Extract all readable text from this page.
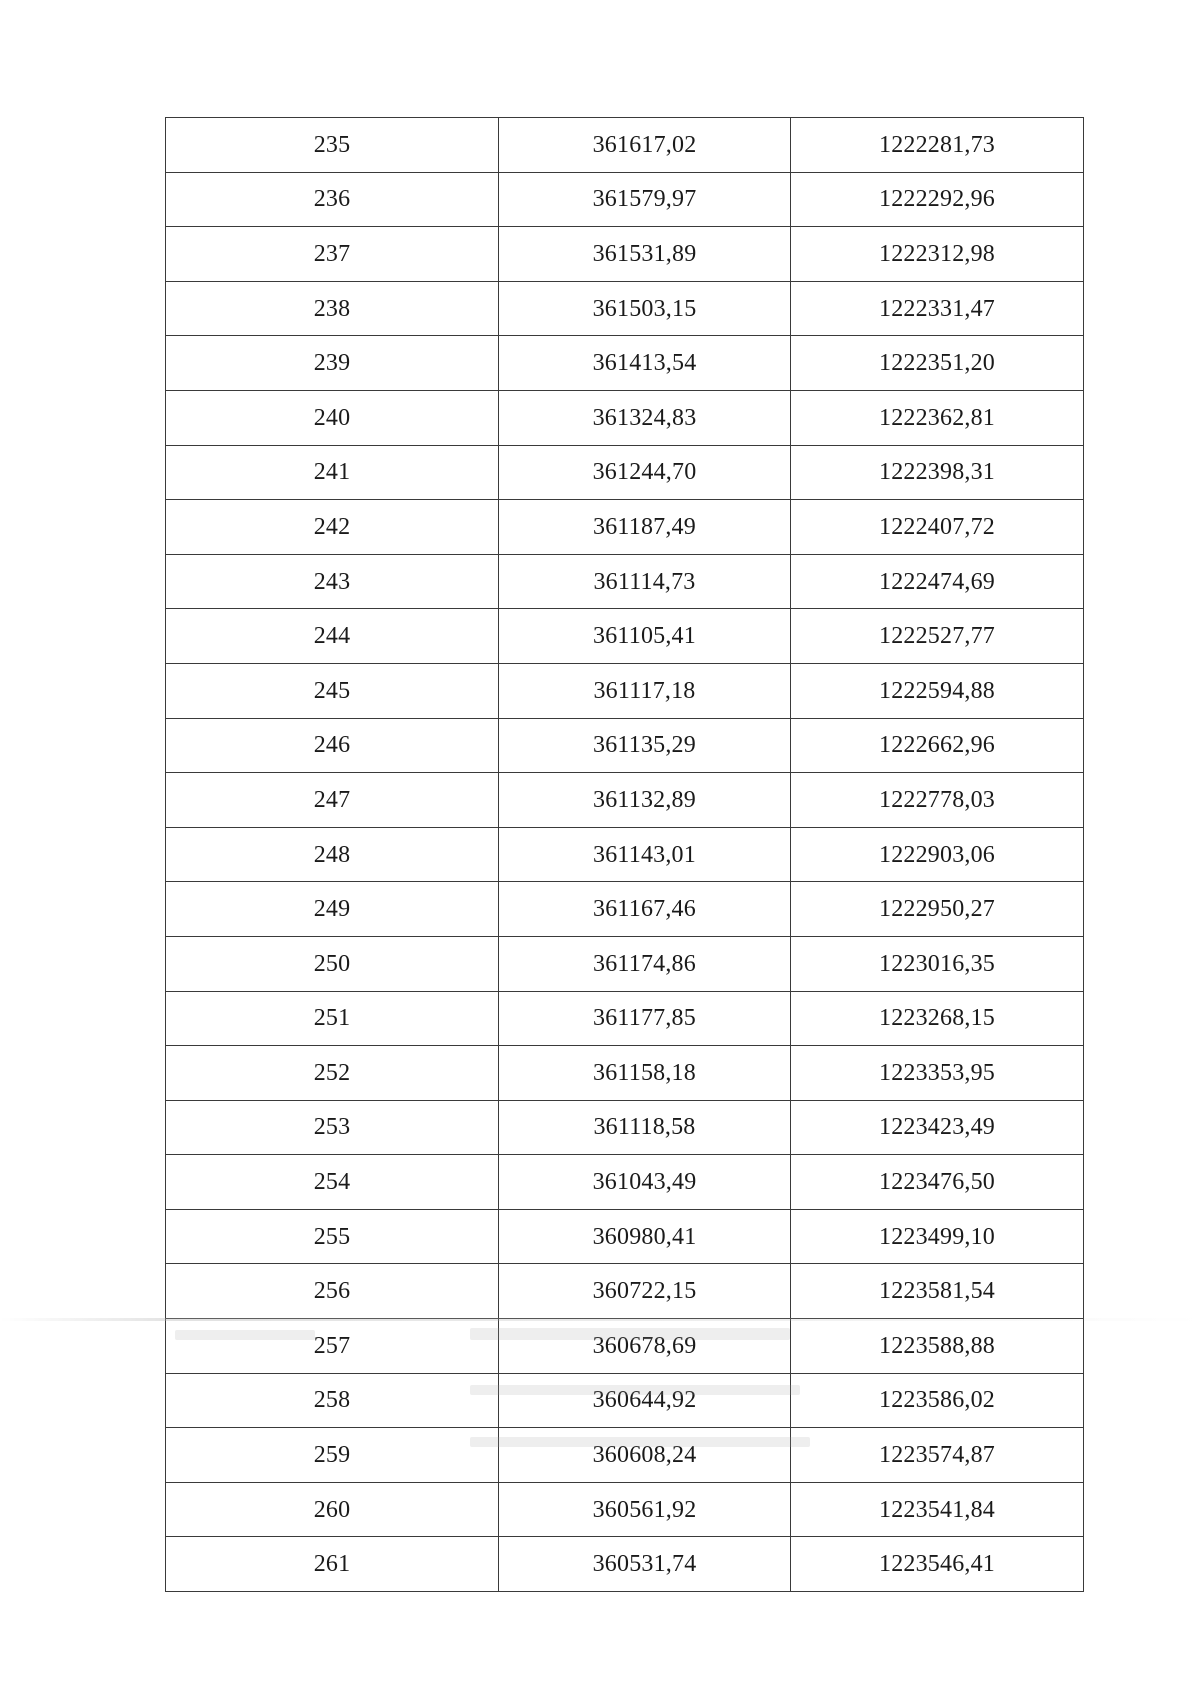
235	361617,02	1222281,73
236	361579,97	1222292,96
237	361531,89	1222312,98
238	361503,15	1222331,47
239	361413,54	1222351,20
240	361324,83	1222362,81
241	361244,70	1222398,31
242	361187,49	1222407,72
243	361114,73	1222474,69
244	361105,41	1222527,77
245	361117,18	1222594,88
246	361135,29	1222662,96
247	361132,89	1222778,03
248	361143,01	1222903,06
249	361167,46	1222950,27
250	361174,86	1223016,35
251	361177,85	1223268,15
252	361158,18	1223353,95
253	361118,58	1223423,49
254	361043,49	1223476,50
255	360980,41	1223499,10
256	360722,15	1223581,54
257	360678,69	1223588,88
258	360644,92	1223586,02
259	360608,24	1223574,87
260	360561,92	1223541,84
261	360531,74	1223546,41
